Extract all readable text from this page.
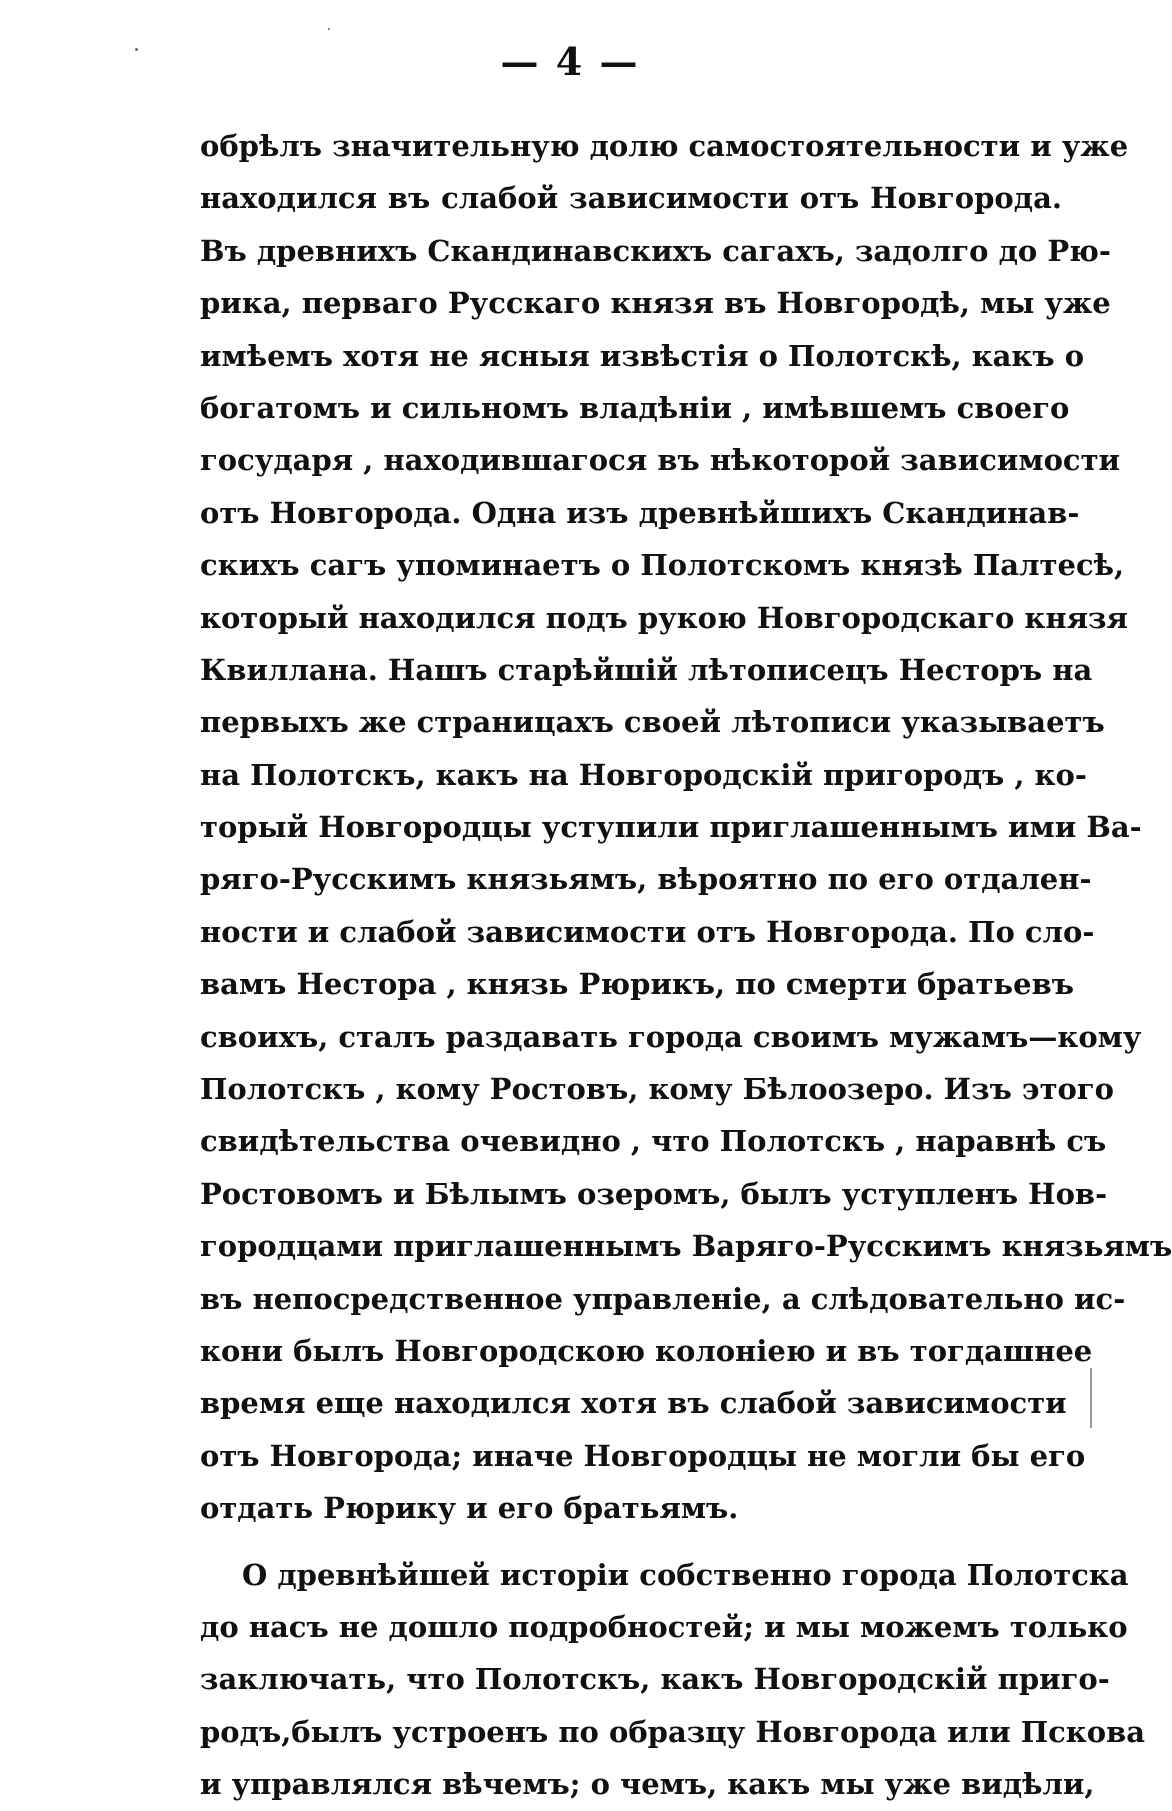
— 4 —
обрѣлъ значительную долю самостоятельности и уже
находился въ слабой зависимости отъ Новгорода.
Въ древнихъ Скандинавскихъ сагахъ, задолго до Рю-
рика, перваго Русскаго князя въ Новгородѣ, мы уже
имѣемъ хотя не ясныя извѣстія о Полотскѣ, какъ о
богатомъ и сильномъ владѣніи , имѣвшемъ своего
государя , находившагося въ нѣкоторой зависимости
отъ Новгорода. Одна изъ древнѣйшихъ Скандинав-
скихъ сагъ упоминаетъ о Полотскомъ князѣ Палтесѣ,
который находился подъ рукою Новгородскаго князя
Квиллана. Нашъ старѣйшій лѣтописецъ Несторъ на
первыхъ же страницахъ своей лѣтописи указываетъ
на Полотскъ, какъ на Новгородскій пригородъ , ко-
торый Новгородцы уступили приглашеннымъ ими Ва-
ряго-Русскимъ князьямъ, вѣроятно по его отдален-
ности и слабой зависимости отъ Новгорода. По сло-
вамъ Нестора , князь Рюрикъ, по смерти братьевъ
своихъ, сталъ раздавать города своимъ мужамъ—кому
Полотскъ , кому Ростовъ, кому Бѣлоозеро. Изъ этого
свидѣтельства очевидно , что Полотскъ , наравнѣ съ
Ростовомъ и Бѣлымъ озеромъ, былъ уступленъ Нов-
городцами приглашеннымъ Варяго-Русскимъ князьямъ
въ непосредственное управленіе, а слѣдовательно ис-
кони былъ Новгородскою колоніею и въ тогдашнее
время еще находился хотя въ слабой зависимости
отъ Новгорода; иначе Новгородцы не могли бы его
отдать Рюрику и его братьямъ.
О древнѣйшей исторіи собственно города Полотска
до насъ не дошло подробностей; и мы можемъ только
заключать, что Полотскъ, какъ Новгородскій приго-
родъ,былъ устроенъ по образцу Новгорода или Пскова
и управлялся вѣчемъ; о чемъ, какъ мы уже видѣли,
